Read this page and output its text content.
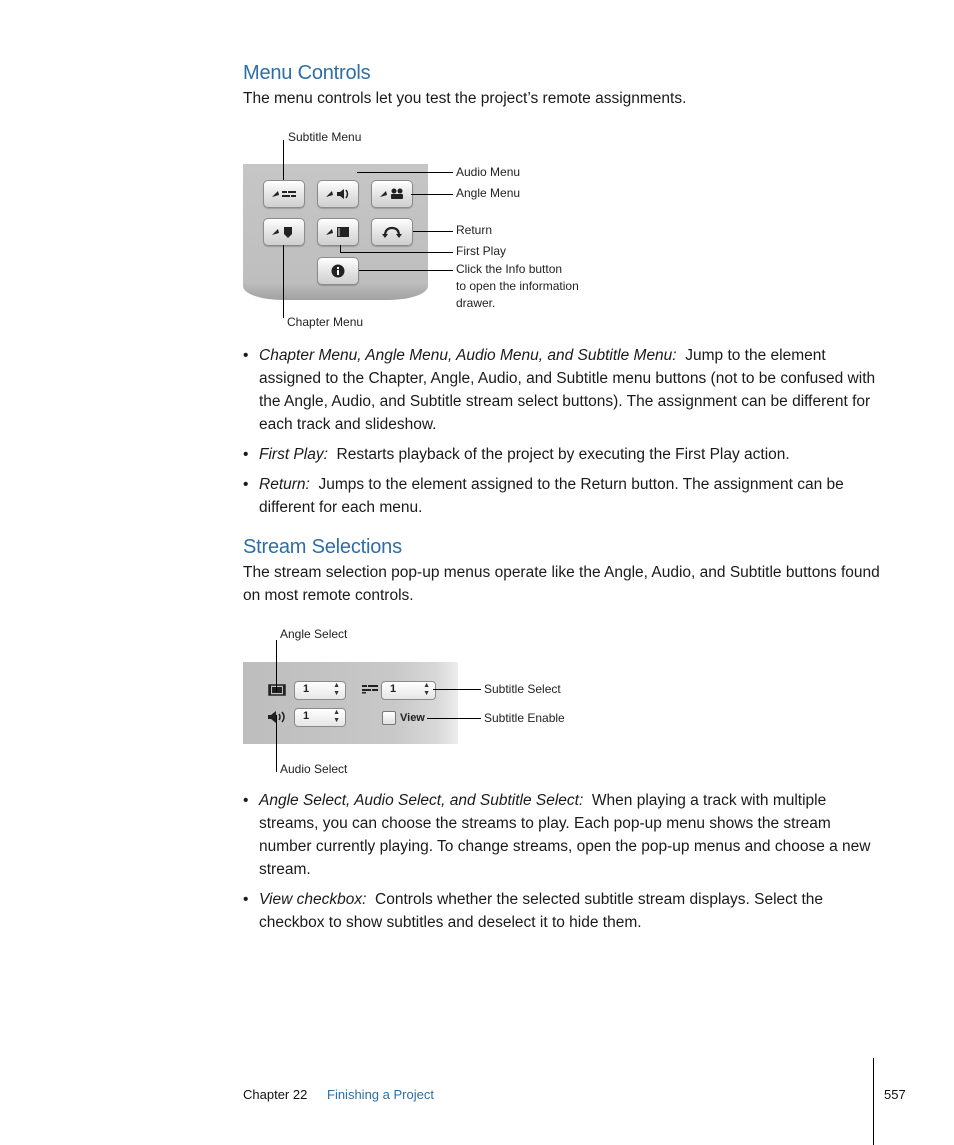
Menu Controls
The menu controls let you test the project’s remote assignments.
Subtitle Menu
Audio Menu
Angle Menu
Return
First Play
Click the Info button
to open the information
drawer.
Chapter Menu
• Chapter Menu, Angle Menu, Audio Menu, and Subtitle Menu: Jump to the element assigned to the Chapter, Angle, Audio, and Subtitle menu buttons (not to be confused with the Angle, Audio, and Subtitle stream select buttons). The assignment can be different for each track and slideshow.
• First Play: Restarts playback of the project by executing the First Play action.
• Return: Jumps to the element assigned to the Return button. The assignment can be different for each menu.
Stream Selections
The stream selection pop-up menus operate like the Angle, Audio, and Subtitle buttons found on most remote controls.
1	▲
▼	1	▲
▼
1	▲
▼	View
Angle Select
Subtitle Select
Subtitle Enable
Audio Select
• Angle Select, Audio Select, and Subtitle Select: When playing a track with multiple streams, you can choose the streams to play. Each pop-up menu shows the stream number currently playing. To change streams, open the pop-up menus and choose a new stream.
• View checkbox: Controls whether the selected subtitle stream displays. Select the checkbox to show subtitles and deselect it to hide them.
Chapter 22 Finishing a Project	557
